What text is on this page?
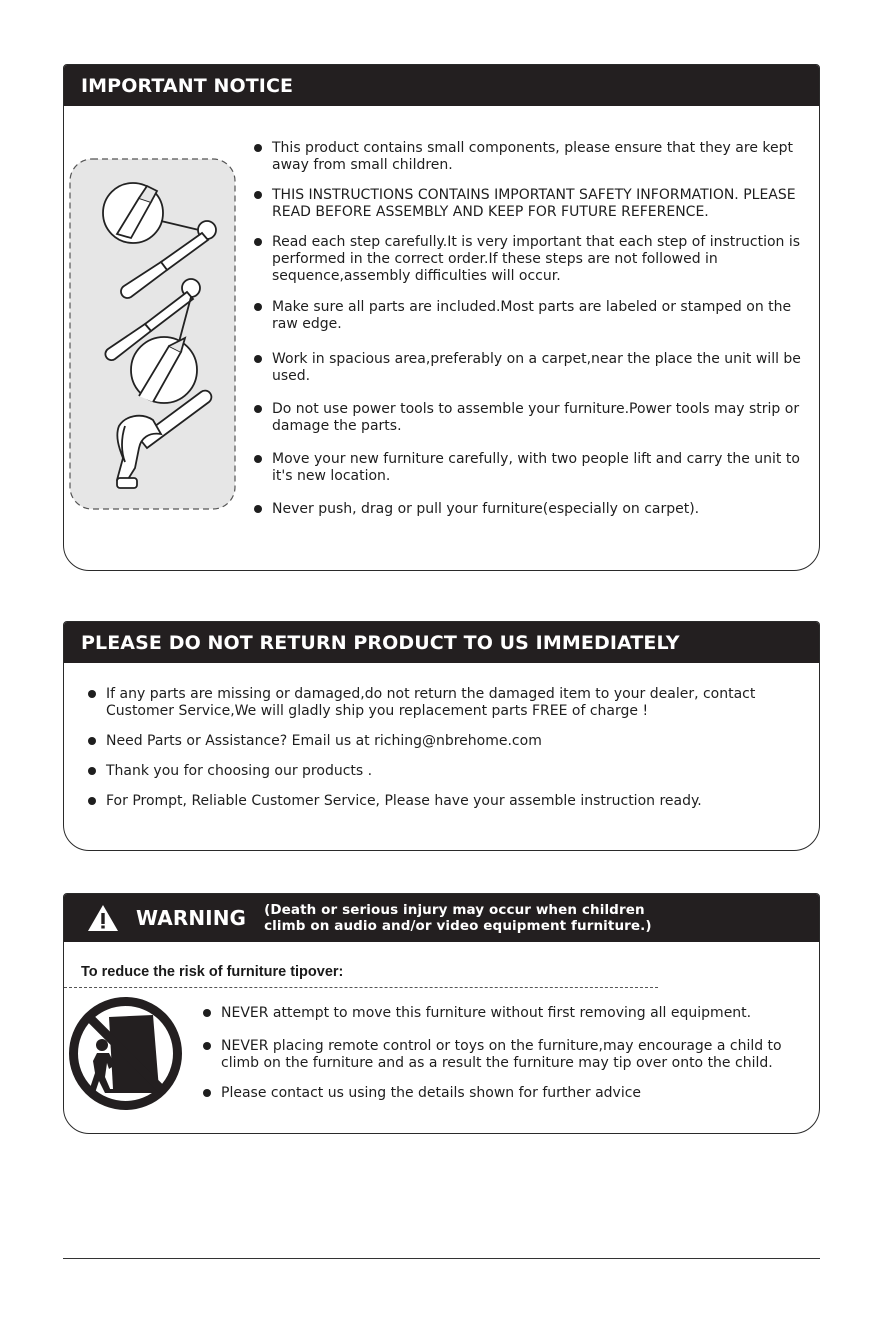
IMPORTANT NOTICE
This product contains small components, please ensure that they are kept away from small children.
THIS INSTRUCTIONS CONTAINS IMPORTANT SAFETY INFORMATION. PLEASE READ BEFORE ASSEMBLY AND KEEP FOR FUTURE REFERENCE.
Read each step carefully.It is very important that each step of instruction is performed in the correct order.If these steps are not followed in sequence,assembly difficulties will occur.
Make sure all parts are included.Most parts are labeled or stamped on the raw edge.
Work in spacious area,preferably on a carpet,near the place the unit will be used.
Do not use power tools to assemble your furniture.Power tools may strip or damage the parts.
Move your new furniture carefully, with two people lift and carry the unit to it's new location.
Never push, drag or pull your furniture(especially on carpet).
PLEASE DO NOT RETURN PRODUCT TO US IMMEDIATELY
If any parts are missing or damaged,do not return the damaged item to your dealer, contact Customer Service,We will gladly ship you replacement parts FREE of charge !
Need Parts or Assistance? Email us at riching@nbrehome.com
Thank you for choosing our products .
For Prompt, Reliable Customer Service, Please have your assemble instruction ready.
WARNING (Death or serious injury may occur when children climb on audio and/or video equipment furniture.)
To reduce the risk of furniture tipover:
NEVER attempt to move this furniture without first removing all equipment.
NEVER placing remote control or toys on the furniture,may encourage a child to climb on the furniture and as a result the furniture may tip over onto the child.
Please contact us using the details shown for further advice
